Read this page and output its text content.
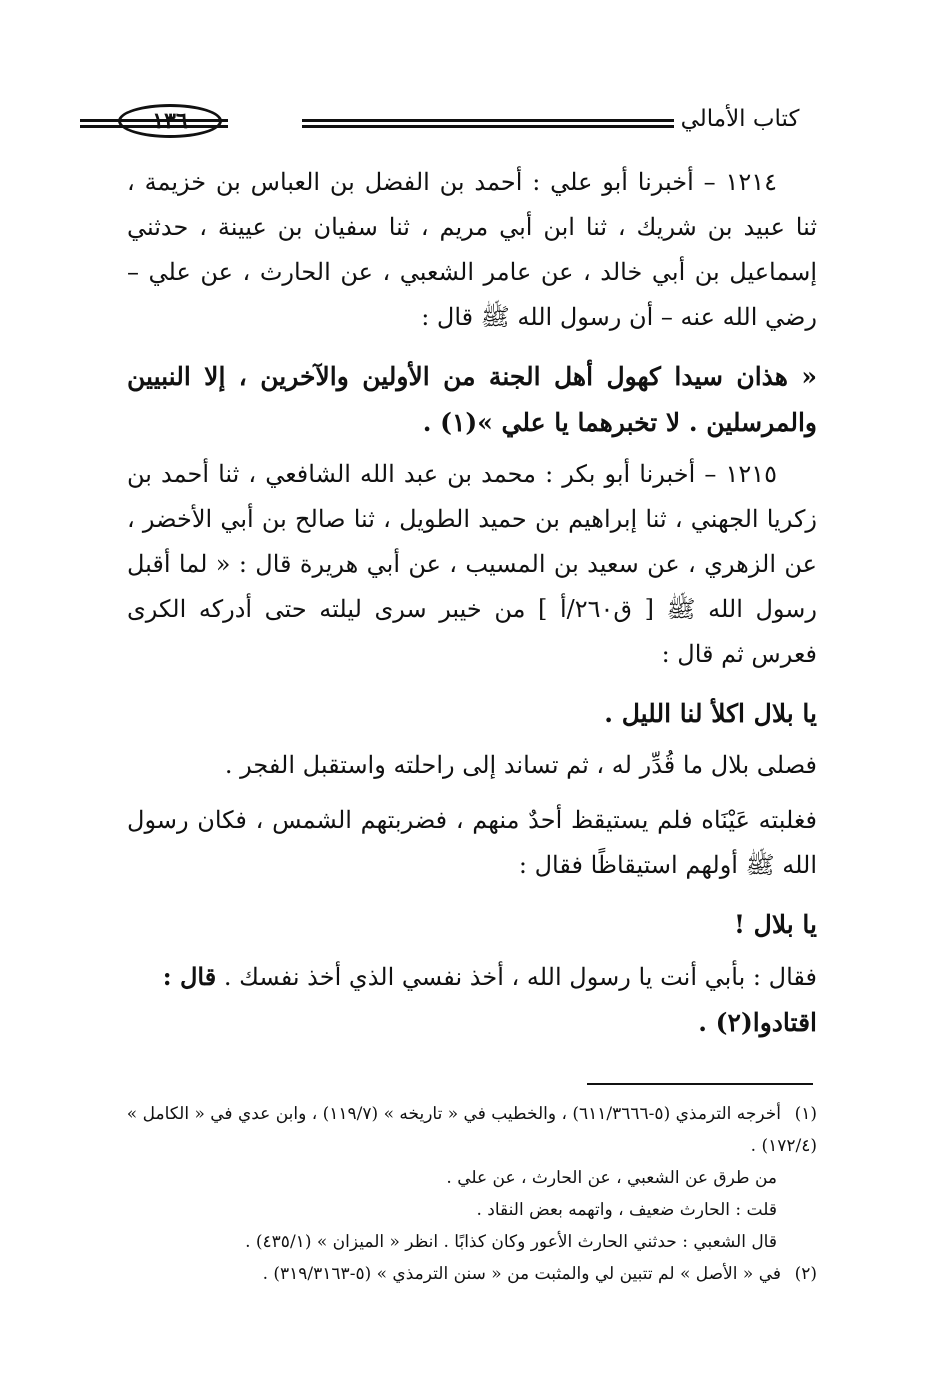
كتاب الأمالي
١٣٦

١٢١٤ – أخبرنا أبو علي : أحمد بن الفضل بن العباس بن خزيمة ، ثنا عبيد بن شريك ، ثنا ابن أبي مريم ، ثنا سفيان بن عيينة ، حدثني إسماعيل بن أبي خالد ، عن عامر الشعبي ، عن الحارث ، عن علي – رضي الله عنه – أن رسول الله ﷺ قال :

« هذان سيدا كهول أهل الجنة من الأولين والآخرين ، إلا النبيين والمرسلين . لا تخبرهما يا علي »(١) .

١٢١٥ – أخبرنا أبو بكر : محمد بن عبد الله الشافعي ، ثنا أحمد بن زكريا الجهني ، ثنا إبراهيم بن حميد الطويل ، ثنا صالح بن أبي الأخضر ، عن الزهري ، عن سعيد بن المسيب ، عن أبي هريرة قال : « لما أقبل رسول الله ﷺ [ ق٢٦٠/أ ] من خيبر سرى ليلته حتى أدركه الكرى فعرس ثم قال :

يا بلال اكلأ لنا الليل .

فصلى بلال ما قُدِّر له ، ثم تساند إلى راحلته واستقبل الفجر .

فغلبته عَيْنَاه فلم يستيقظ أحدٌ منهم ، فضربتهم الشمس ، فكان رسول الله ﷺ أولهم استيقاظًا فقال :

يا بلال !

فقال : بأبي أنت يا رسول الله ، أخذ نفسي الذي أخذ نفسك . قال :

اقتادوا(٢) .

(١)أخرجه الترمذي (٥-٦١١/٣٦٦٦) ، والخطيب في « تاريخه » (١١٩/٧) ، وابن عدي في « الكامل » (١٧٢/٤) .

من طرق عن الشعبي ، عن الحارث ، عن علي .

قلت : الحارث ضعيف ، واتهمه بعض النقاد .

قال الشعبي : حدثني الحارث الأعور وكان كذابًا . انظر « الميزان » (٤٣٥/١) .

(٢)في « الأصل » لم تتبين لي والمثبت من « سنن الترمذي » (٥-٣١٩/٣١٦٣) .
